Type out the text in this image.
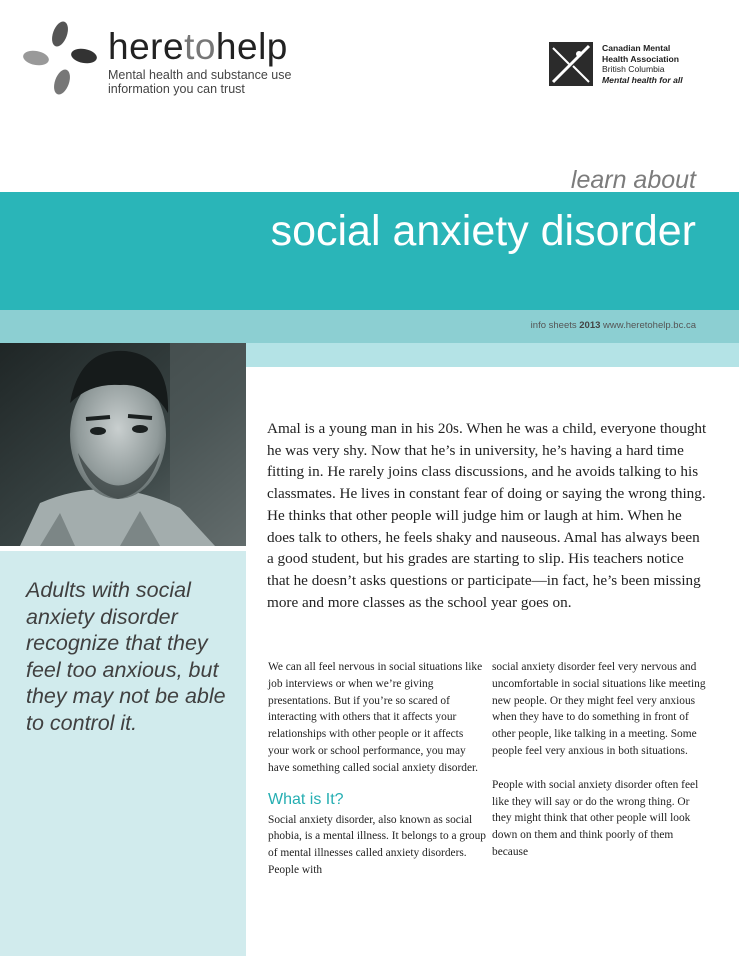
heretohelp
Mental health and substance use
information you can trust
Canadian Mental
Health Association
British Columbia
Mental health for all
learn about
social anxiety disorder
info sheets 2013 www.heretohelp.bc.ca
Adults with social anxiety disorder recognize that they feel too anxious, but they may not be able to control it.
Amal is a young man in his 20s. When he was a child, everyone thought he was very shy. Now that he’s in university, he’s having a hard time fitting in. He rarely joins class discussions, and he avoids talking to his classmates. He lives in constant fear of doing or saying the wrong thing. He thinks that other people will judge him or laugh at him. When he does talk to others, he feels shaky and nauseous. Amal has always been a good student, but his grades are starting to slip. His teachers notice that he doesn’t asks questions or participate—in fact, he’s been missing more and more classes as the school year goes on.

We can all feel nervous in social situations like job interviews or when we’re giving presentations. But if you’re so scared of interacting with others that it affects your relationships with other people or it affects your work or school performance, you may have something called social anxiety disorder.

What is It?

Social anxiety disorder, also known as social phobia, is a mental illness. It belongs to a group of mental illnesses called anxiety disorders. People with

social anxiety disorder feel very nervous and uncomfortable in social situations like meeting new people. Or they might feel very anxious when they have to do something in front of other people, like talking in a meeting. Some people feel very anxious in both situations.

People with social anxiety disorder often feel like they will say or do the wrong thing. Or they might think that other people will look down on them and think poorly of them because
